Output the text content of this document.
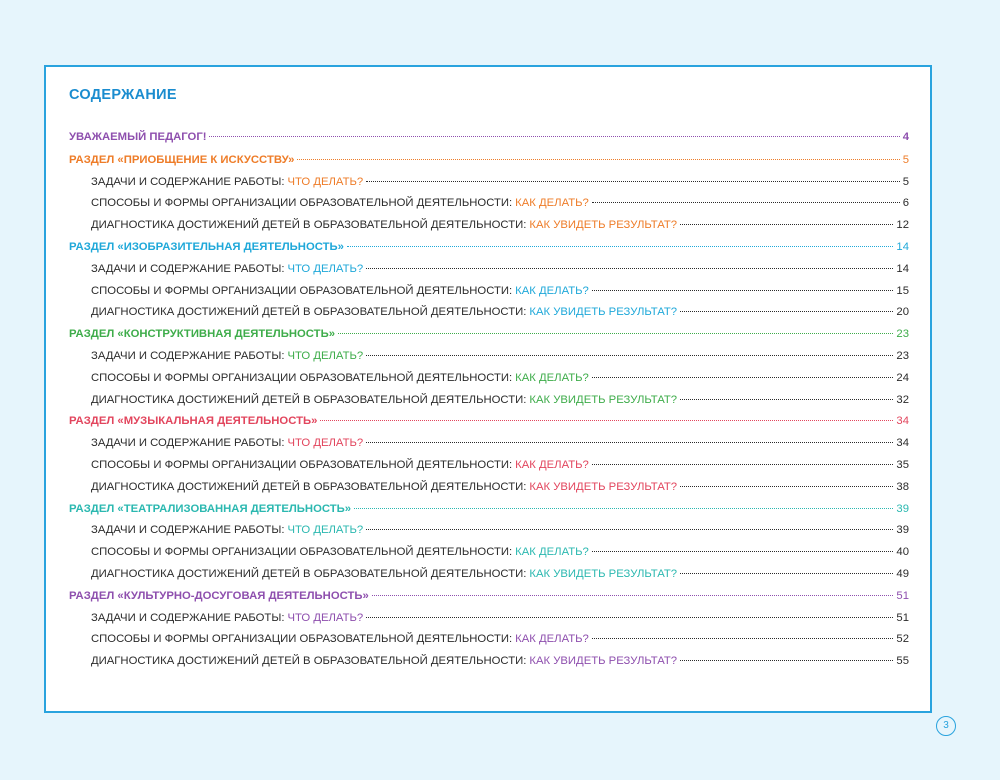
СОДЕРЖАНИЕ
УВАЖАЕМЫЙ ПЕДАГОГ!	4
РАЗДЕЛ «ПРИОБЩЕНИЕ К ИСКУССТВУ»	5
ЗАДАЧИ И СОДЕРЖАНИЕ РАБОТЫ: ЧТО ДЕЛАТЬ?	5
СПОСОБЫ И ФОРМЫ ОРГАНИЗАЦИИ ОБРАЗОВАТЕЛЬНОЙ ДЕЯТЕЛЬНОСТИ: КАК ДЕЛАТЬ?	6
ДИАГНОСТИКА ДОСТИЖЕНИЙ ДЕТЕЙ В ОБРАЗОВАТЕЛЬНОЙ ДЕЯТЕЛЬНОСТИ: КАК УВИДЕТЬ РЕЗУЛЬТАТ?	12
РАЗДЕЛ «ИЗОБРАЗИТЕЛЬНАЯ ДЕЯТЕЛЬНОСТЬ»	14
ЗАДАЧИ И СОДЕРЖАНИЕ РАБОТЫ: ЧТО ДЕЛАТЬ?	14
СПОСОБЫ И ФОРМЫ ОРГАНИЗАЦИИ ОБРАЗОВАТЕЛЬНОЙ ДЕЯТЕЛЬНОСТИ: КАК ДЕЛАТЬ?	15
ДИАГНОСТИКА ДОСТИЖЕНИЙ ДЕТЕЙ В ОБРАЗОВАТЕЛЬНОЙ ДЕЯТЕЛЬНОСТИ: КАК УВИДЕТЬ РЕЗУЛЬТАТ?	20
РАЗДЕЛ «КОНСТРУКТИВНАЯ ДЕЯТЕЛЬНОСТЬ»	23
ЗАДАЧИ И СОДЕРЖАНИЕ РАБОТЫ: ЧТО ДЕЛАТЬ?	23
СПОСОБЫ И ФОРМЫ ОРГАНИЗАЦИИ ОБРАЗОВАТЕЛЬНОЙ ДЕЯТЕЛЬНОСТИ: КАК ДЕЛАТЬ?	24
ДИАГНОСТИКА ДОСТИЖЕНИЙ ДЕТЕЙ В ОБРАЗОВАТЕЛЬНОЙ ДЕЯТЕЛЬНОСТИ: КАК УВИДЕТЬ РЕЗУЛЬТАТ?	32
РАЗДЕЛ «МУЗЫКАЛЬНАЯ ДЕЯТЕЛЬНОСТЬ»	34
ЗАДАЧИ И СОДЕРЖАНИЕ РАБОТЫ: ЧТО ДЕЛАТЬ?	34
СПОСОБЫ И ФОРМЫ ОРГАНИЗАЦИИ ОБРАЗОВАТЕЛЬНОЙ ДЕЯТЕЛЬНОСТИ: КАК ДЕЛАТЬ?	35
ДИАГНОСТИКА ДОСТИЖЕНИЙ ДЕТЕЙ В ОБРАЗОВАТЕЛЬНОЙ ДЕЯТЕЛЬНОСТИ: КАК УВИДЕТЬ РЕЗУЛЬТАТ?	38
РАЗДЕЛ «ТЕАТРАЛИЗОВАННАЯ ДЕЯТЕЛЬНОСТЬ»	39
ЗАДАЧИ И СОДЕРЖАНИЕ РАБОТЫ: ЧТО ДЕЛАТЬ?	39
СПОСОБЫ И ФОРМЫ ОРГАНИЗАЦИИ ОБРАЗОВАТЕЛЬНОЙ ДЕЯТЕЛЬНОСТИ: КАК ДЕЛАТЬ?	40
ДИАГНОСТИКА ДОСТИЖЕНИЙ ДЕТЕЙ В ОБРАЗОВАТЕЛЬНОЙ ДЕЯТЕЛЬНОСТИ: КАК УВИДЕТЬ РЕЗУЛЬТАТ?	49
РАЗДЕЛ «КУЛЬТУРНО-ДОСУГОВАЯ ДЕЯТЕЛЬНОСТЬ»	51
ЗАДАЧИ И СОДЕРЖАНИЕ РАБОТЫ: ЧТО ДЕЛАТЬ?	51
СПОСОБЫ И ФОРМЫ ОРГАНИЗАЦИИ ОБРАЗОВАТЕЛЬНОЙ ДЕЯТЕЛЬНОСТИ: КАК ДЕЛАТЬ?	52
ДИАГНОСТИКА ДОСТИЖЕНИЙ ДЕТЕЙ В ОБРАЗОВАТЕЛЬНОЙ ДЕЯТЕЛЬНОСТИ: КАК УВИДЕТЬ РЕЗУЛЬТАТ?	55
3
